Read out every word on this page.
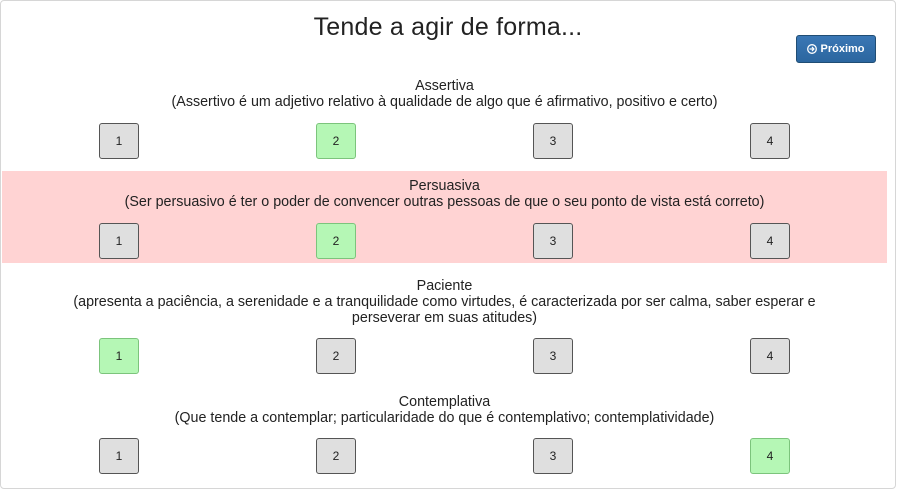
Tende a agir de forma...
Próximo
Assertiva
(Assertivo é um adjetivo relativo à qualidade de algo que é afirmativo, positivo e certo)
1	2	3	4
Persuasiva
(Ser persuasivo é ter o poder de convencer outras pessoas de que o seu ponto de vista está correto)
1	2	3	4
Paciente
(apresenta a paciência, a serenidade e a tranquilidade como virtudes, é caracterizada por ser calma, saber esperar e perseverar em suas atitudes)
1	2	3	4
Contemplativa
(Que tende a contemplar; particularidade do que é contemplativo; contemplatividade)
1	2	3	4
